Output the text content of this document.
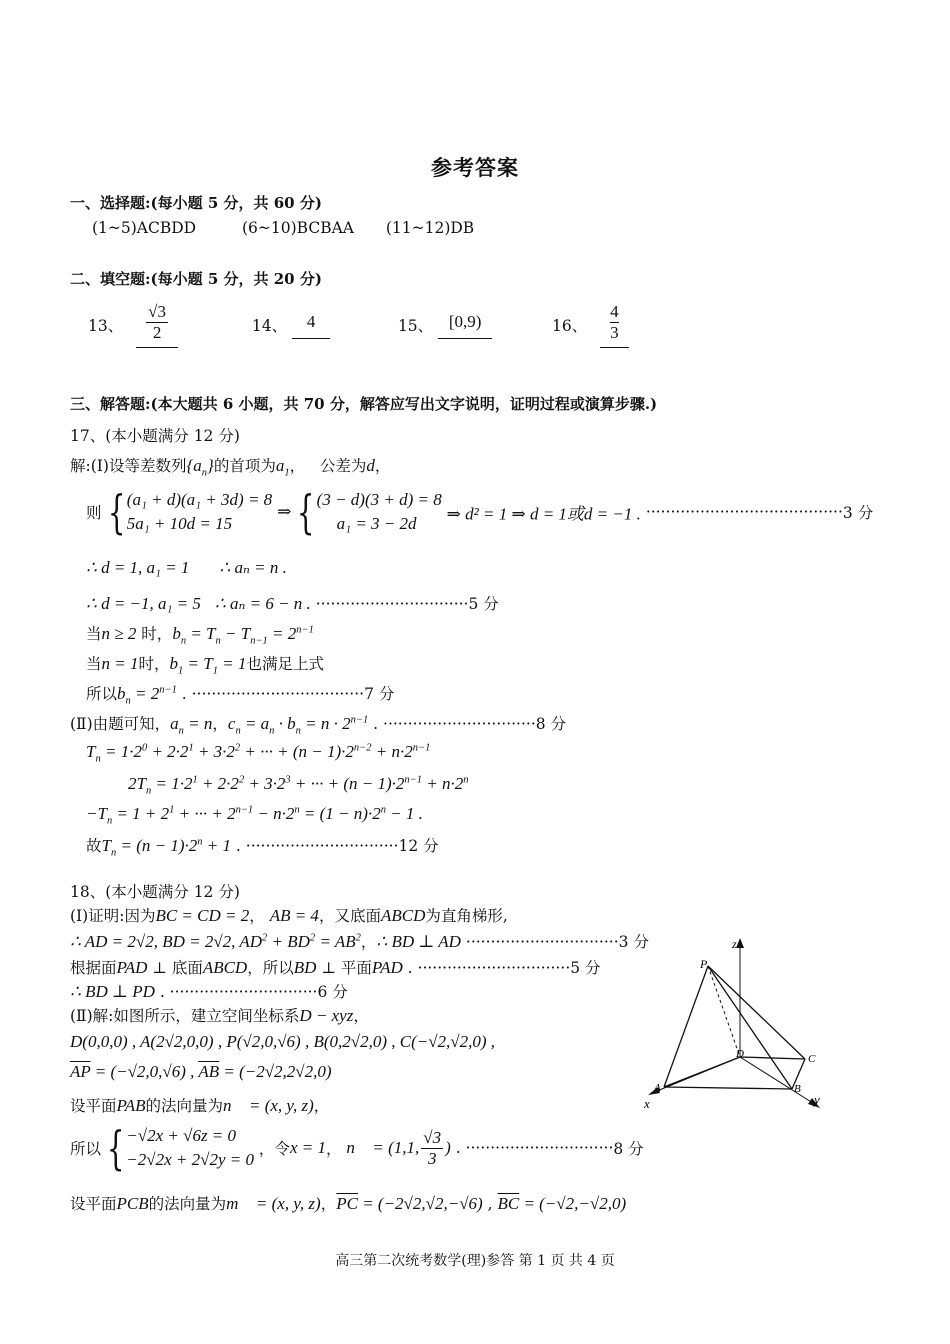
参考答案
一、选择题:(每小题 5 分，共 60 分)
(1~5)ACBDD	(6~10)BCBAA (11~12)DB
二、填空题:(每小题 5 分，共 20 分)
13、 $\frac{√3}{2}$	14、 4	15、 [0,9)	16、 $\frac{4}{3}$
三、解答题:(本大题共 6 小题，共 70 分，解答应写出文字说明，证明过程或演算步骤.)
17、(本小题满分 12 分)
解:(Ⅰ)设等差数列$\{a_n\}$的首项为$a_1$，   公差为d，
则 { (a₁ + d)(a₁ + 3d) = 8
5a₁ + 10d = 15 ⇒ { (3 − d)(3 + d) = 8
a₁ = 3 − 2d ⇒ d² = 1 ⇒ d = 1或d = −1 . ········································3 分
∴ d = 1, a₁ = 1 ∴ aₙ = n .
∴ d = −1, a₁ = 5 ∴ aₙ = 6 − n . ·······························5 分
当n ≥ 2 时，$b_n = T_n - T_{n-1} = 2^{n-1}$
当n = 1时，$b_1 = T_1 = 1$也满足上式
所以$b_n = 2^{n-1}$ . ···································7 分
(Ⅱ)由题可知，$a_n = n$，$c_n = a_n \cdot b_n = n \cdot 2^{n-1}$ . ·······························8 分
$T_n = 1\cdot 2^0 + 2\cdot 2^1 + 3\cdot 2^2$ + ··· + $(n - 1)\cdot 2^{n-2} + n\cdot 2^{n-1}$
$2T_n = 1\cdot 2^1 + 2\cdot 2^2 + 3\cdot 2^3$ + ··· + $(n - 1)\cdot 2^{n-1} + n\cdot 2^n$
$-T_n = 1 + 2^1$ + ··· + $2^{n-1} - n\cdot 2^n = (1 - n)\cdot 2^n - 1$ .
故$T_n = (n - 1)\cdot 2^n + 1$ . ·······························12 分
18、(本小题满分 12 分)
(Ⅰ)证明:因为BC = CD = 2， AB = 4，又底面ABCD为直角梯形,
∴ AD = 2√2, BD = 2√2, $AD^2 + BD^2 = AB^2$，∴ BD ⊥ AD ·······························3 分
根据面PAD ⊥ 底面ABCD，所以BD ⊥ 平面PAD . ·······························5 分
∴ BD ⊥ PD . ······························6 分
(Ⅱ)解:如图所示，建立空间坐标系D − xyz，
D(0,0,0) , A(2√2,0,0) , P(√2,0,√6) , B(0,2√2,0) , C(−√2,√2,0) ,
$\overline{AP} = (-√2,0,√6)$ , $\overline{AB} = (-2√2,2√2,0)$
设平面PAB的法向量为n⃗ = (x, y, z)，
所以 { −√2x + √6z = 0
−2√2x + 2√2y = 0 ，令x = 1， n⃗ = (1,1, $\frac{√3}{3}$ ) . ······························8 分
设平面PCB的法向量为m⃗ = (x, y, z)，$\overline{PC} = (-2√2,√2,-√6)$ , $\overline{BC} = (-√2,-√2,0)$
P
z
A
D	C
B
x	y
高三第二次统考数学(理)参答 第 1 页 共 4 页
